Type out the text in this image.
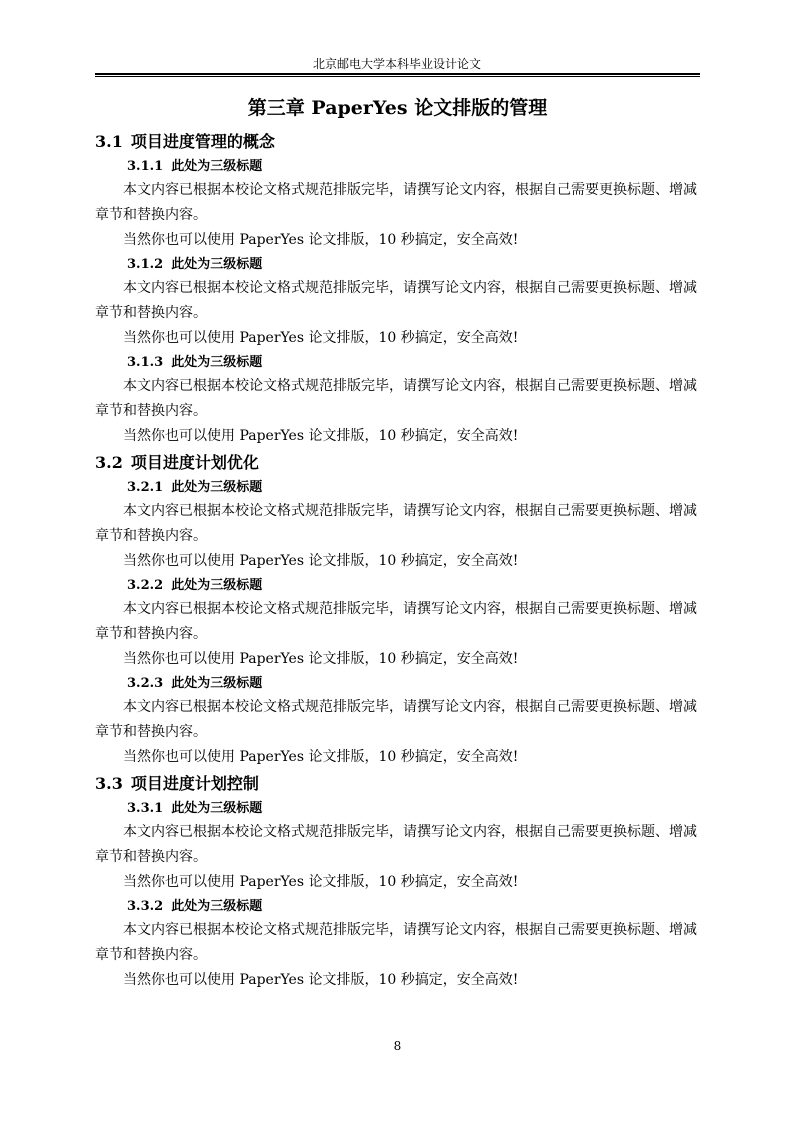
北京邮电大学本科毕业设计论文
第三章 PaperYes 论文排版的管理
3.1 项目进度管理的概念
3.1.1 此处为三级标题

本文内容已根据本校论文格式规范排版完毕，请撰写论文内容，根据自己需要更换标题、增减章节和替换内容。

当然你也可以使用 PaperYes 论文排版，10 秒搞定，安全高效!

3.1.2 此处为三级标题

本文内容已根据本校论文格式规范排版完毕，请撰写论文内容，根据自己需要更换标题、增减章节和替换内容。

当然你也可以使用 PaperYes 论文排版，10 秒搞定，安全高效!

3.1.3 此处为三级标题

本文内容已根据本校论文格式规范排版完毕，请撰写论文内容，根据自己需要更换标题、增减章节和替换内容。

当然你也可以使用 PaperYes 论文排版，10 秒搞定，安全高效!

3.2 项目进度计划优化
3.2.1 此处为三级标题

本文内容已根据本校论文格式规范排版完毕，请撰写论文内容，根据自己需要更换标题、增减章节和替换内容。

当然你也可以使用 PaperYes 论文排版，10 秒搞定，安全高效!

3.2.2 此处为三级标题

本文内容已根据本校论文格式规范排版完毕，请撰写论文内容，根据自己需要更换标题、增减章节和替换内容。

当然你也可以使用 PaperYes 论文排版，10 秒搞定，安全高效!

3.2.3 此处为三级标题

本文内容已根据本校论文格式规范排版完毕，请撰写论文内容，根据自己需要更换标题、增减章节和替换内容。

当然你也可以使用 PaperYes 论文排版，10 秒搞定，安全高效!

3.3 项目进度计划控制
3.3.1 此处为三级标题

本文内容已根据本校论文格式规范排版完毕，请撰写论文内容，根据自己需要更换标题、增减章节和替换内容。

当然你也可以使用 PaperYes 论文排版，10 秒搞定，安全高效!

3.3.2 此处为三级标题

本文内容已根据本校论文格式规范排版完毕，请撰写论文内容，根据自己需要更换标题、增减章节和替换内容。

当然你也可以使用 PaperYes 论文排版，10 秒搞定，安全高效!

8
